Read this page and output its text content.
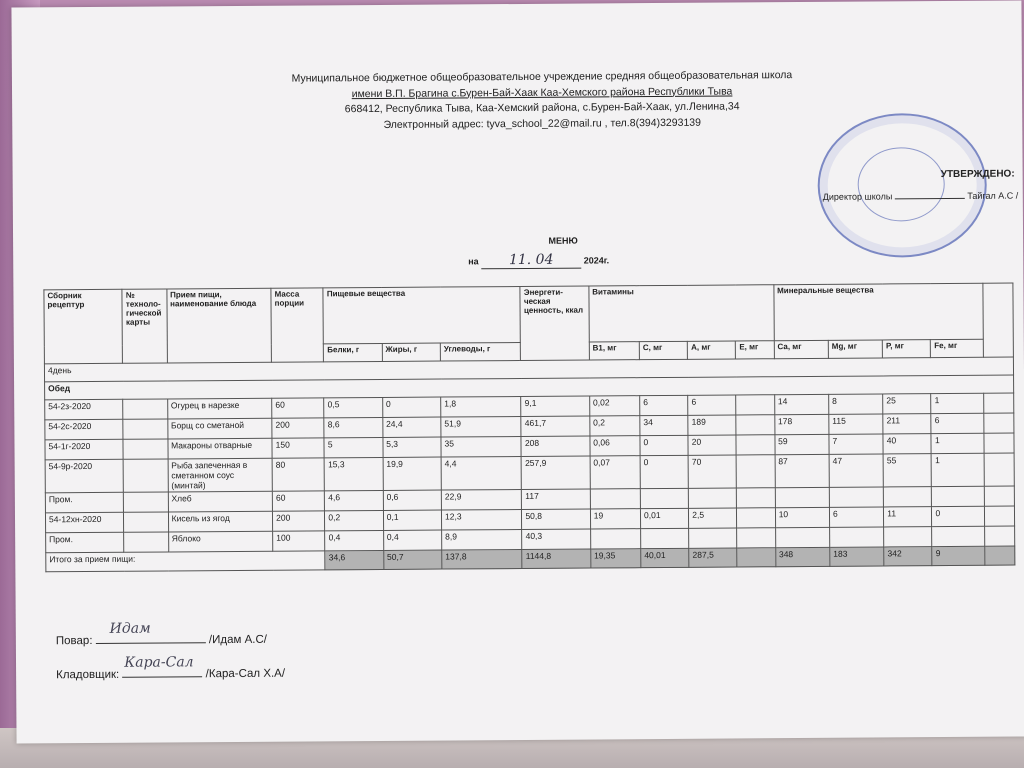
Муниципальное бюджетное общеобразовательное учреждение средняя общеобразовательная школа
имени В.П. Брагина с.Бурен-Бай-Хаак Каа-Хемского района Республики Тыва
668412, Республика Тыва, Каа-Хемский района, с.Бурен-Бай-Хаак, ул.Ленина,34
Электронный адрес: tyva_school_22@mail.ru , тел.8(394)3293139
УТВЕРЖДЕНО:
Директор школы	Тайгал А.С /
МЕНЮ
на 11. 04	2024г.
Сборник рецептур	№ техноло-гической карты	Прием пищи, наименование блюда	Масса порции	Пищевые вещества			Энергети-ческая ценность, ккал	Витамины				Минеральные вещества				
				Белки, г	Жиры, г	Углеводы, г		В1, мг	С, мг	А, мг	Е, мг	Са, мг	Mg, мг	Р, мг	Fe, мг	
4день																
Обед																
54-2з-2020		Огурец в нарезке	60	0,5	0	1,8	9,1	0,02	6	6		14	8	25	1	
54-2с-2020		Борщ со сметаной	200	8,6	24,4	51,9	461,7	0,2	34	189		178	115	211	6	
54-1г-2020		Макароны отварные	150	5	5,3	35	208	0,06	0	20		59	7	40	1	
54-9р-2020		Рыба запеченная в сметанном соус (минтай)	80	15,3	19,9	4,4	257,9	0,07	0	70		87	47	55	1	
Пром.		Хлеб	60	4,6	0,6	22,9	117									
54-12хн-2020		Кисель из ягод	200	0,2	0,1	12,3	50,8	19	0,01	2,5		10	6	11	0	
Пром.		Яблоко	100	0,4	0,4	8,9	40,3									
Итого за прием пищи:				34,6	50,7	137,8	1144,8	19,35	40,01	287,5		348	183	342	9	
Повар:
Идам
/Идам А.С/
Кладовщик:
Кара-Сал
/Кара-Сал Х.А/
